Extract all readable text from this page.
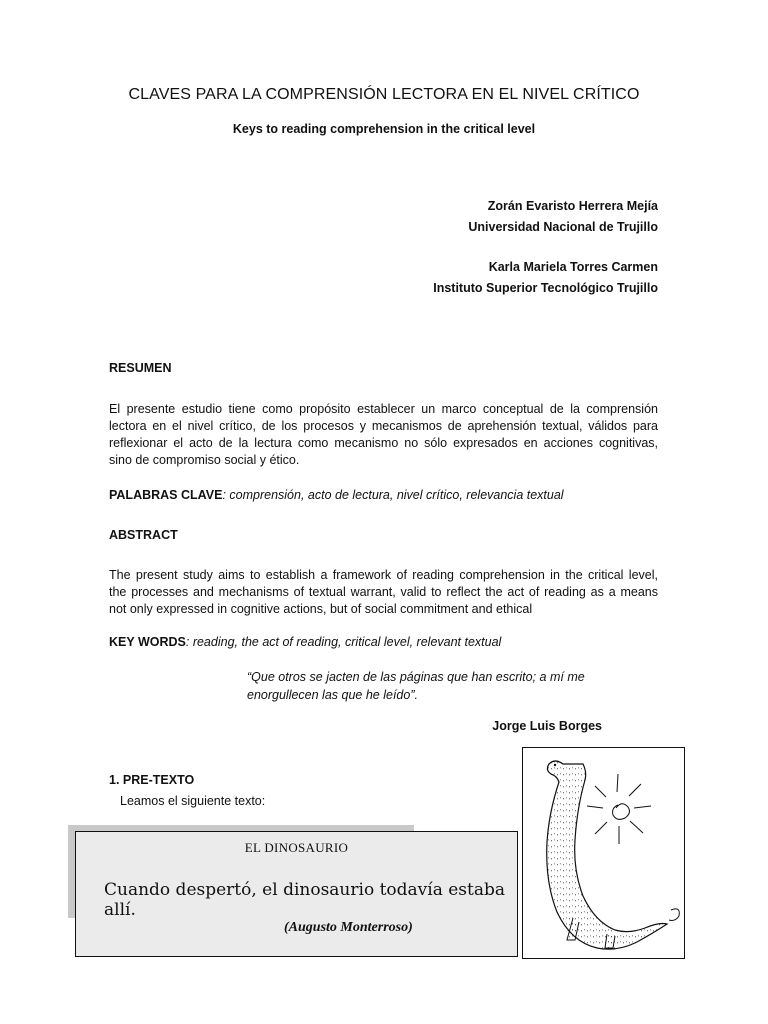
CLAVES PARA LA COMPRENSIÓN LECTORA EN EL NIVEL CRÍTICO
Keys to reading comprehension in the critical level
Zorán Evaristo Herrera Mejía
Universidad Nacional de Trujillo
Karla Mariela Torres Carmen
Instituto Superior Tecnológico Trujillo
RESUMEN
El presente estudio tiene como propósito establecer un marco conceptual de la comprensión
lectora en el nivel crítico, de los procesos y mecanismos de aprehensión textual, válidos para
reflexionar el acto de la lectura como mecanismo no sólo expresados en acciones cognitivas,
sino de compromiso social y ético.
PALABRAS CLAVE: comprensión, acto de lectura, nivel crítico, relevancia textual
ABSTRACT
The present study aims to establish a framework of reading comprehension in the critical level,
the processes and mechanisms of textual warrant, valid to reflect the act of reading as a means
not only expressed in cognitive actions, but of social commitment and ethical
KEY WORDS: reading, the act of reading, critical level, relevant textual
“Que otros se jacten de las páginas que han escrito; a mí me
enorgullecen las que he leído”.
Jorge Luis Borges
1. PRE-TEXTO
Leamos el siguiente texto:
EL DINOSAURIO
Cuando despertó, el dinosaurio todavía estaba allí.
(Augusto Monterroso)
